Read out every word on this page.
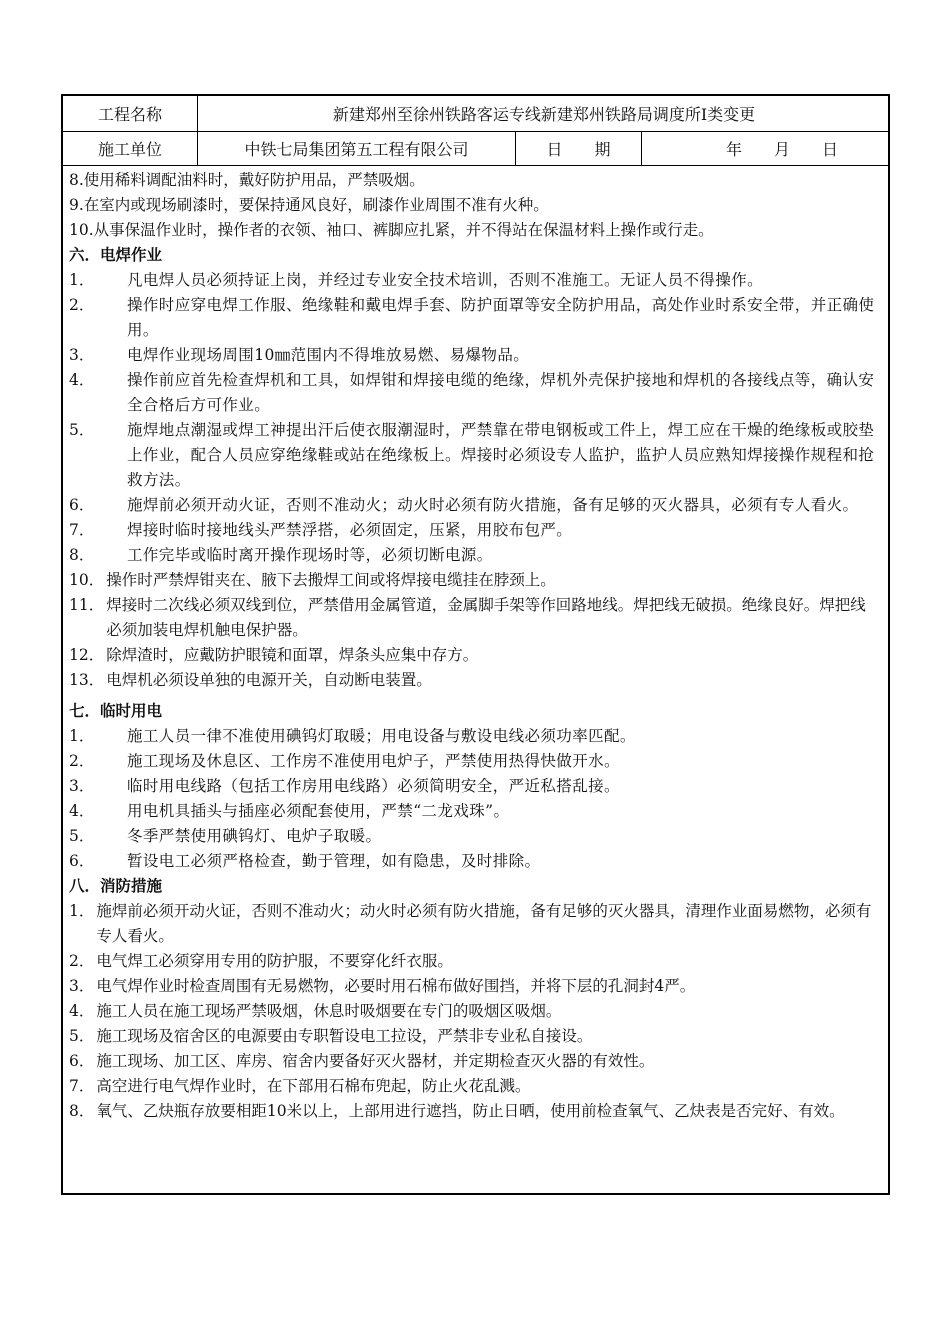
工程名称	新建郑州至徐州铁路客运专线新建郑州铁路局调度所Ⅰ类变更
施工单位	中铁七局集团第五工程有限公司	日　　期	年　　月　　日
8.使用稀料调配油料时，戴好防护用品，严禁吸烟。
9.在室内或现场刷漆时，要保持通风良好，刷漆作业周围不准有火种。
10.从事保温作业时，操作者的衣领、袖口、裤脚应扎紧，并不得站在保温材料上操作或行走。
六．电焊作业
1．	凡电焊人员必须持证上岗，并经过专业安全技术培训，否则不准施工。无证人员不得操作。
2．	操作时应穿电焊工作服、绝缘鞋和戴电焊手套、防护面罩等安全防护用品，高处作业时系安全带，并正确使用。
3．	电焊作业现场周围10㎜范围内不得堆放易燃、易爆物品。
4．	操作前应首先检查焊机和工具，如焊钳和焊接电缆的绝缘，焊机外壳保护接地和焊机的各接线点等，确认安全合格后方可作业。
5．	施焊地点潮湿或焊工神提出汗后使衣服潮湿时，严禁靠在带电钢板或工件上，焊工应在干燥的绝缘板或胶垫上作业，配合人员应穿绝缘鞋或站在绝缘板上。焊接时必须设专人监护，监护人员应熟知焊接操作规程和抢救方法。
6．	施焊前必须开动火证，否则不准动火；动火时必须有防火措施，备有足够的灭火器具，必须有专人看火。
7．	焊接时临时接地线头严禁浮搭，必须固定，压紧，用胶布包严。
8．	工作完毕或临时离开操作现场时等，必须切断电源。
10． 操作时严禁焊钳夹在、腋下去搬焊工间或将焊接电缆挂在脖颈上。
11． 焊接时二次线必须双线到位，严禁借用金属管道，金属脚手架等作回路地线。焊把线无破损。绝缘良好。焊把线必须加装电焊机触电保护器。
12． 除焊渣时，应戴防护眼镜和面罩，焊条头应集中存方。
13． 电焊机必须设单独的电源开关，自动断电装置。
七．临时用电
1．	施工人员一律不准使用碘钨灯取暖；用电设备与敷设电线必须功率匹配。
2．	施工现场及休息区、工作房不准使用电炉子，严禁使用热得快做开水。
3．	临时用电线路（包括工作房用电线路）必须简明安全，严近私搭乱接。
4．	用电机具插头与插座必须配套使用，严禁“二龙戏珠”。
5．	冬季严禁使用碘钨灯、电炉子取暖。
6．	暂设电工必须严格检查，勤于管理，如有隐患，及时排除。
八．消防措施
1． 施焊前必须开动火证，否则不准动火；动火时必须有防火措施，备有足够的灭火器具，清理作业面易燃物，必须有专人看火。
2． 电气焊工必须穿用专用的防护服，不要穿化纤衣服。
3． 电气焊作业时检查周围有无易燃物，必要时用石棉布做好围挡，并将下层的孔洞封4严。
4． 施工人员在施工现场严禁吸烟，休息时吸烟要在专门的吸烟区吸烟。
5． 施工现场及宿舍区的电源要由专职暂设电工拉设，严禁非专业私自接设。
6． 施工现场、加工区、库房、宿舍内要备好灭火器材，并定期检查灭火器的有效性。
7． 高空进行电气焊作业时，在下部用石棉布兜起，防止火花乱溅。
8． 氧气、乙炔瓶存放要相距10米以上，上部用进行遮挡，防止日晒，使用前检查氧气、乙炔表是否完好、有效。
